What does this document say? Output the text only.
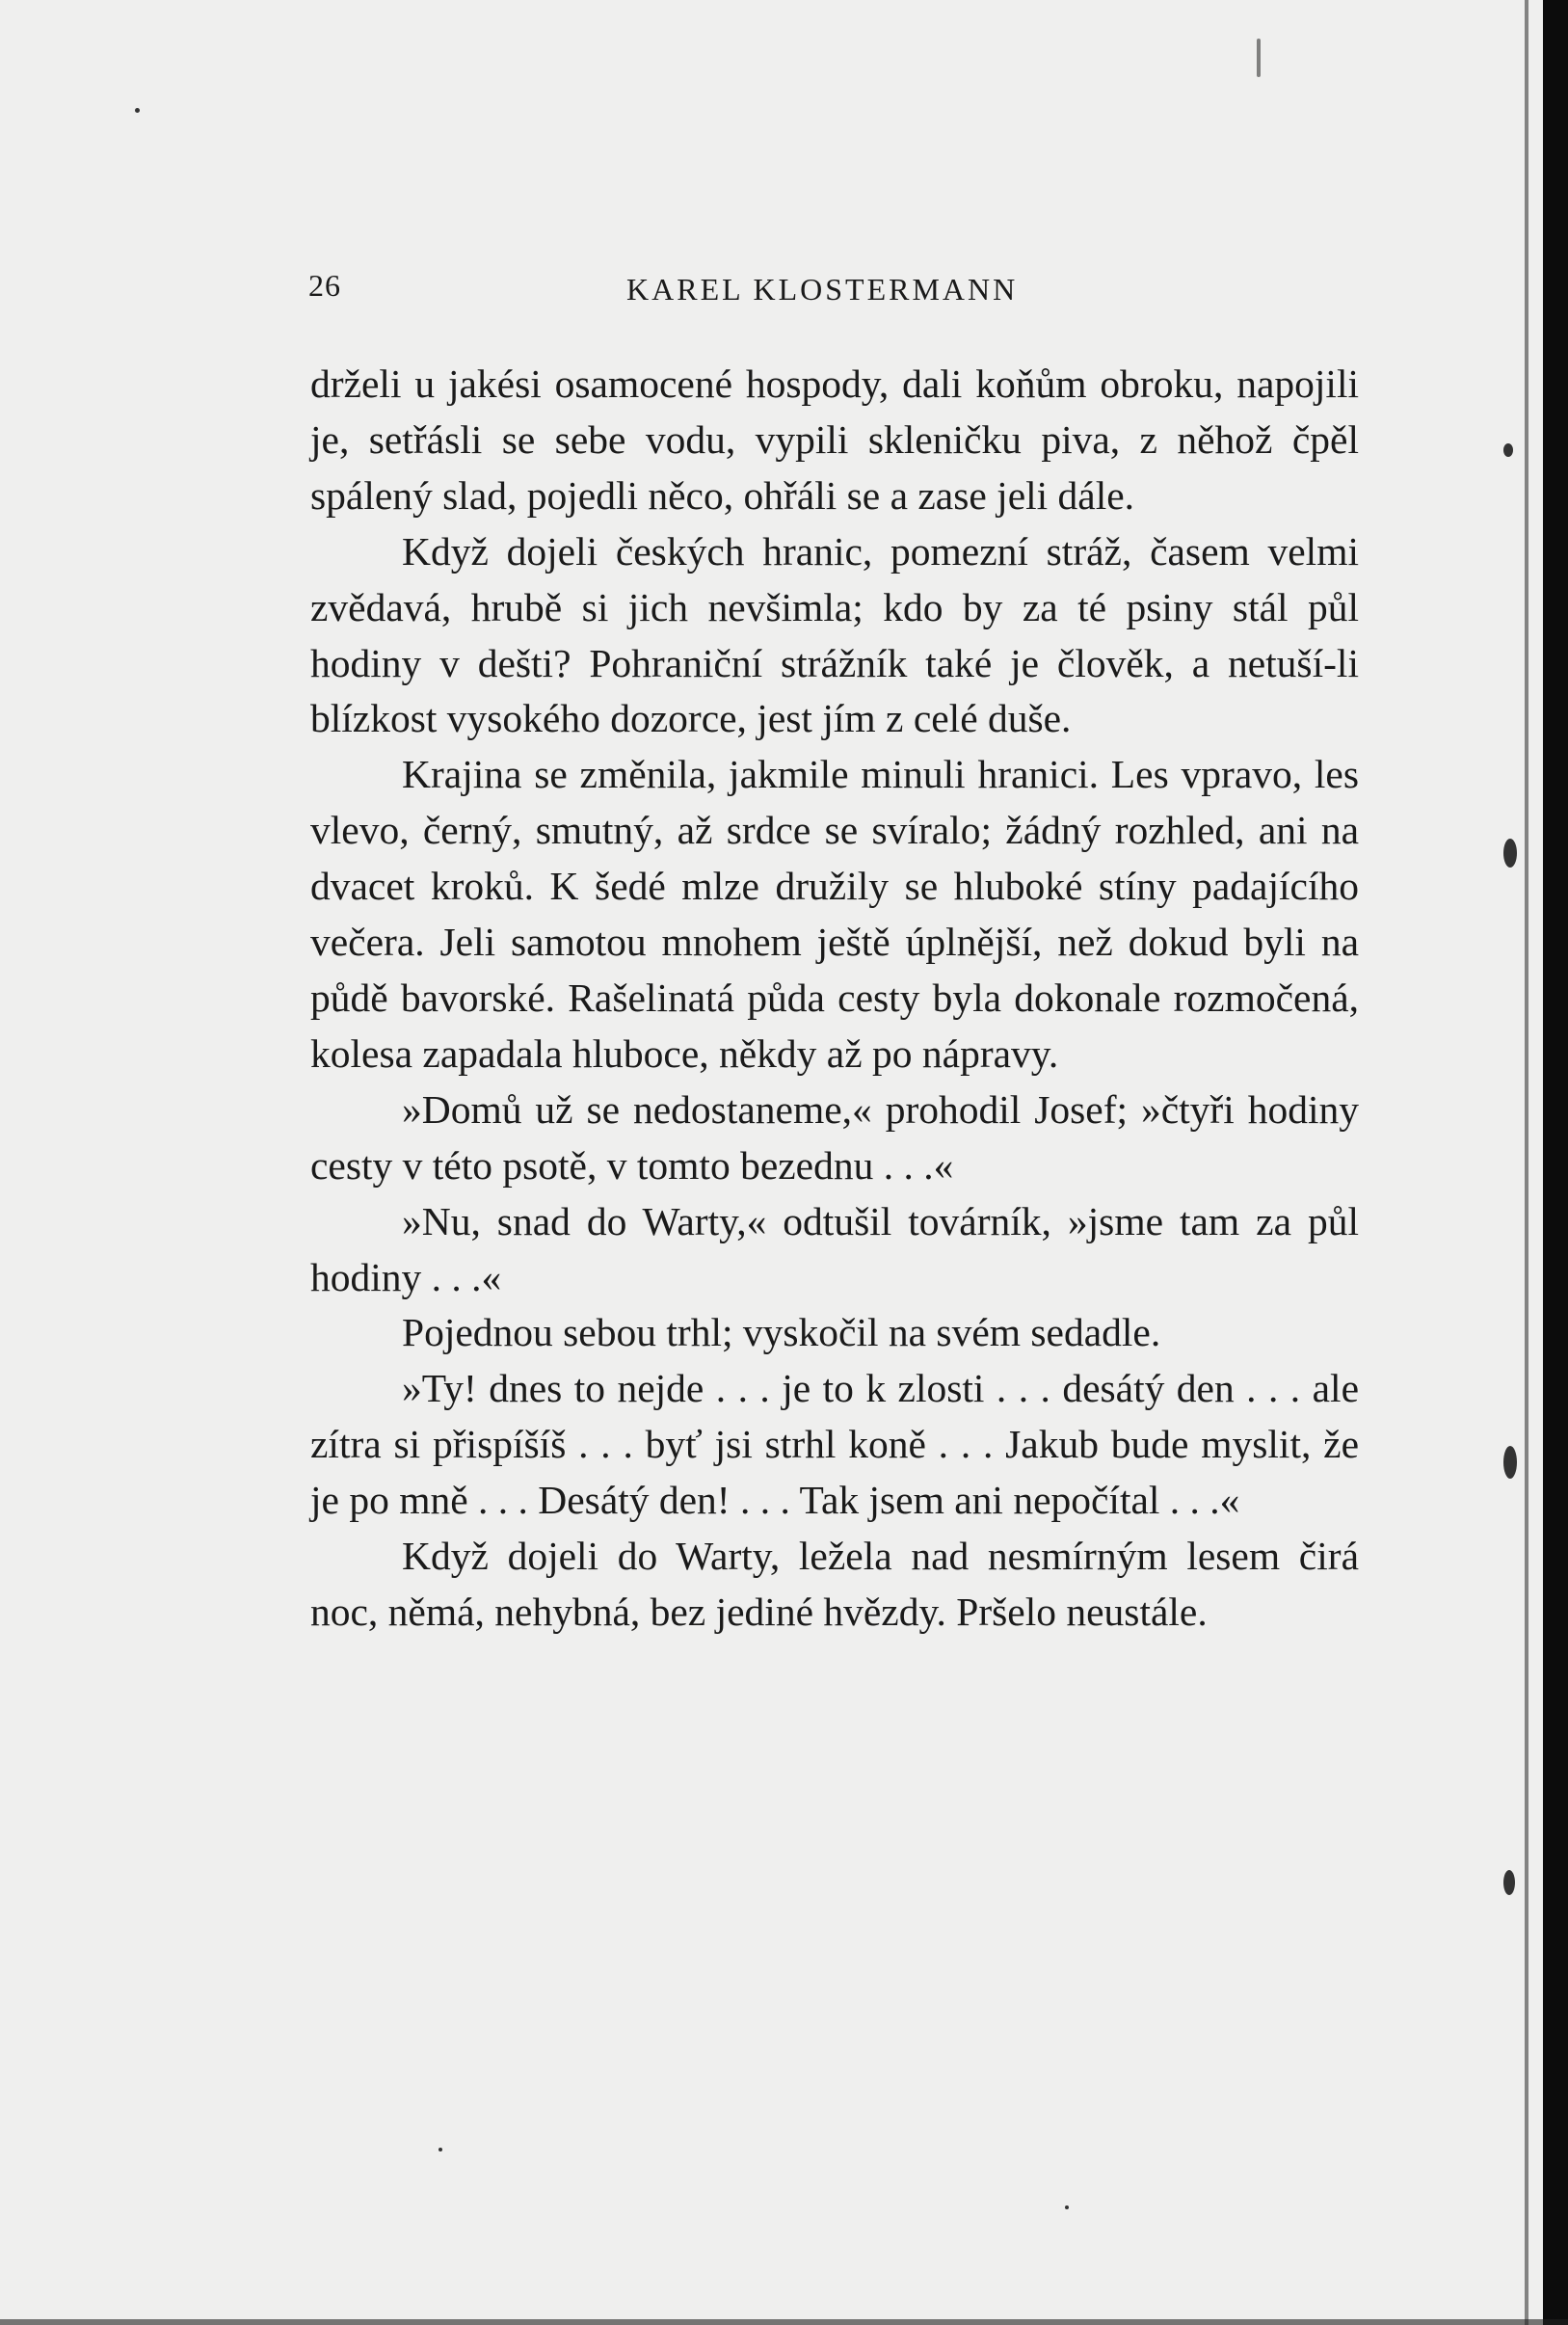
26	KAREL KLOSTERMANN

drželi u jakési osamocené hospody, dali koňům obroku, napojili je, setřásli se sebe vodu, vypili skleničku piva, z něhož čpěl spálený slad, pojedli něco, ohřáli se a zase jeli dále.

Když dojeli českých hranic, pomezní stráž, časem velmi zvědavá, hrubě si jich nevšimla; kdo by za té psiny stál půl hodiny v dešti? Pohraniční strážník také je člověk, a netuší-li blízkost vysokého dozorce, jest jím z celé duše.

Krajina se změnila, jakmile minuli hranici. Les vpravo, les vlevo, černý, smutný, až srdce se svíralo; žádný rozhled, ani na dvacet kroků. K šedé mlze družily se hluboké stíny padajícího večera. Jeli samotou mnohem ještě úplnější, než dokud byli na půdě bavorské. Rašelinatá půda cesty byla dokonale rozmočená, kolesa zapadala hluboce, někdy až po nápravy.

»Domů už se nedostaneme,« prohodil Josef; »čtyři hodiny cesty v této psotě, v tomto bezednu . . .«

»Nu, snad do Warty,« odtušil továrník, »jsme tam za půl hodiny . . .«

Pojednou sebou trhl; vyskočil na svém sedadle.

»Ty! dnes to nejde . . . je to k zlosti . . . desátý den . . . ale zítra si přispíšíš . . . byť jsi strhl koně . . . Jakub bude myslit, že je po mně . . . Desátý den! . . . Tak jsem ani nepočítal . . .«

Když dojeli do Warty, ležela nad nesmírným lesem čirá noc, němá, nehybná, bez jediné hvězdy. Pršelo neustále.
